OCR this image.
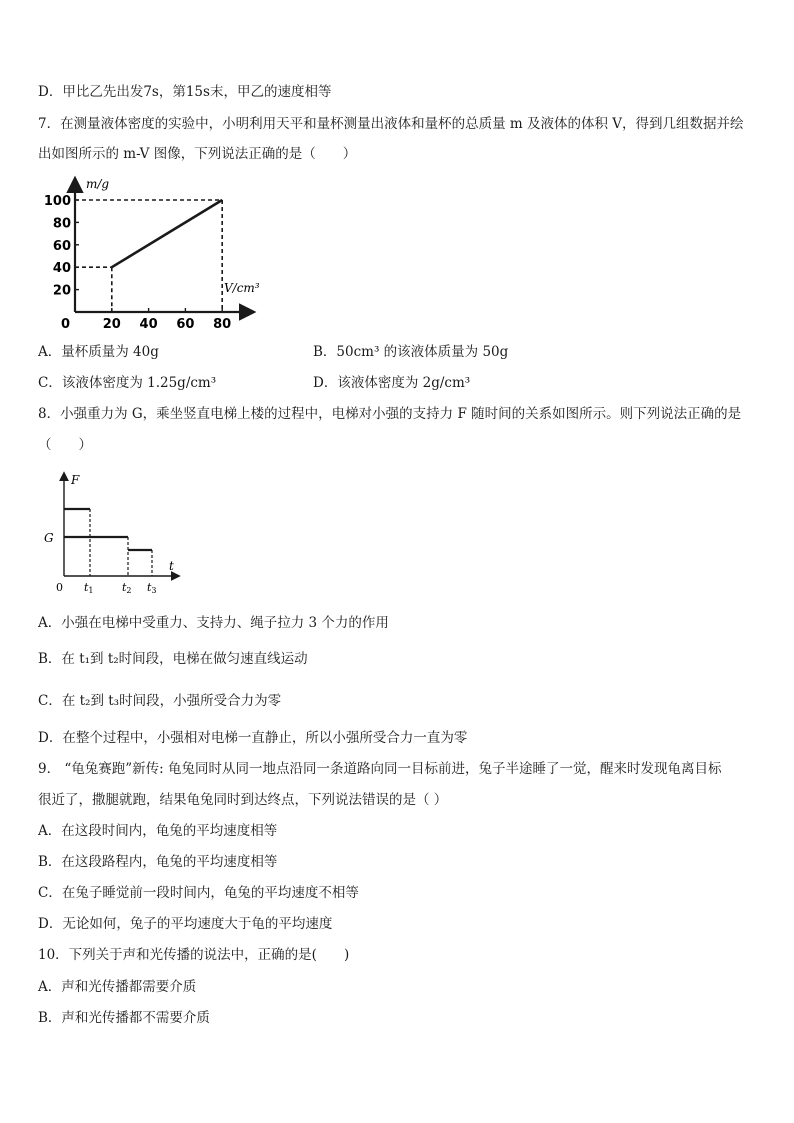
D．甲比乙先出发7s，第15s末，甲乙的速度相等
7．在测量液体密度的实验中，小明利用天平和量杯测量出液体和量杯的总质量 m 及液体的体积 V，得到几组数据并绘
出如图所示的 m-V 图像，下列说法正确的是（　　）
20
40
60
80
100
20 40 60 80
m/g
V/cm³
0
A．量杯质量为 40g	B．50cm³ 的该液体质量为 50g
C．该液体密度为 1.25g/cm³	D．该液体密度为 2g/cm³
8．小强重力为 G，乘坐竖直电梯上楼的过程中，电梯对小强的支持力 F 随时间的关系如图所示。则下列说法正确的是
（　　）
F
G
t
0 t1	t2 t3
A．小强在电梯中受重力、支持力、绳子拉力 3 个力的作用
B．在 t₁到 t₂时间段，电梯在做匀速直线运动
C．在 t₂到 t₃时间段，小强所受合力为零
D．在整个过程中，小强相对电梯一直静止，所以小强所受合力一直为零
9． “龟兔赛跑”新传: 龟兔同时从同一地点沿同一条道路向同一目标前进，兔子半途睡了一觉，醒来时发现龟离目标
很近了，撒腿就跑，结果龟兔同时到达终点，下列说法错误的是（ ）
A．在这段时间内，龟兔的平均速度相等
B．在这段路程内，龟兔的平均速度相等
C．在兔子睡觉前一段时间内，龟兔的平均速度不相等
D．无论如何，兔子的平均速度大于龟的平均速度
10．下列关于声和光传播的说法中，正确的是(　　)
A．声和光传播都需要介质
B．声和光传播都不需要介质
